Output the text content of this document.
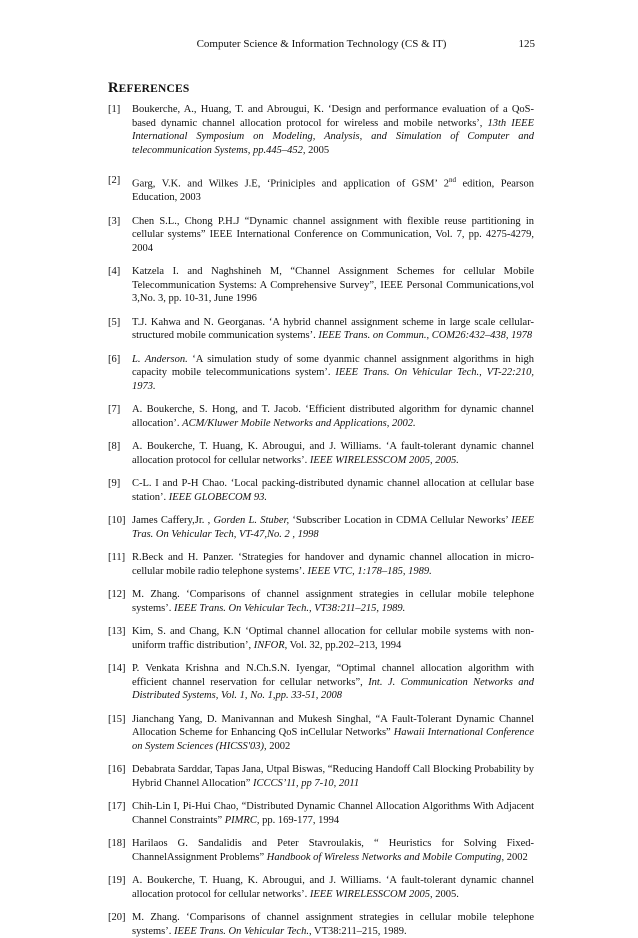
Computer Science & Information Technology (CS & IT)	125
REFERENCES
[1] Boukerche, A., Huang, T. and Abrougui, K. ‘Design and performance evaluation of a QoS-based dynamic channel allocation protocol for wireless and mobile networks’, 13th IEEE International Symposium on Modeling, Analysis, and Simulation of Computer and telecommunication Systems, pp.445–452, 2005
[2] Garg, V.K. and Wilkes J.E, ‘Priniciples and application of GSM’ 2nd edition, Pearson Education, 2003
[3] Chen S.L., Chong P.H.J “Dynamic channel assignment with flexible reuse partitioning in cellular systems” IEEE International Conference on Communication, Vol. 7, pp. 4275-4279, 2004
[4] Katzela I. and Naghshineh M, “Channel Assignment Schemes for cellular Mobile Telecommunication Systems: A Comprehensive Survey”, IEEE Personal Communications,vol 3,No. 3, pp. 10-31, June 1996
[5] T.J. Kahwa and N. Georganas. ‘A hybrid channel assignment scheme in large scale cellular-structured mobile communication systems’. IEEE Trans. on Commun., COM26:432–438, 1978
[6] L. Anderson. ‘A simulation study of some dyanmic channel assignment algorithms in high capacity mobile telecommunications system’. IEEE Trans. On Vehicular Tech., VT-22:210, 1973.
[7] A. Boukerche, S. Hong, and T. Jacob. ‘Efficient distributed algorithm for dynamic channel allocation’. ACM/Kluwer Mobile Networks and Applications, 2002.
[8] A. Boukerche, T. Huang, K. Abrougui, and J. Williams. ‘A fault-tolerant dynamic channel allocation protocol for cellular networks’. IEEE WIRELESSCOM 2005, 2005.
[9] C-L. I and P-H Chao. ‘Local packing-distributed dynamic channel allocation at cellular base station’. IEEE GLOBECOM 93.
[10] James Caffery,Jr. , Gorden L. Stuber, ‘Subscriber Location in CDMA Cellular Neworks’ IEEE Tras. On Vehicular Tech, VT-47,No. 2 , 1998
[11] R.Beck and H. Panzer. ‘Strategies for handover and dynamic channel allocation in micro-cellular mobile radio telephone systems’. IEEE VTC, 1:178–185, 1989.
[12] M. Zhang. ‘Comparisons of channel assignment strategies in cellular mobile telephone systems’. IEEE Trans. On Vehicular Tech., VT38:211–215, 1989.
[13] Kim, S. and Chang, K.N ‘Optimal channel allocation for cellular mobile systems with non-uniform traffic distribution’, INFOR, Vol. 32, pp.202–213, 1994
[14] P. Venkata Krishna and N.Ch.S.N. Iyengar, “Optimal channel allocation algorithm with efficient channel reservation for cellular networks”, Int. J. Communication Networks and Distributed Systems, Vol. 1, No. 1,pp. 33-51, 2008
[15] Jianchang Yang, D. Manivannan and Mukesh Singhal, “A Fault-Tolerant Dynamic Channel Allocation Scheme for Enhancing QoS inCellular Networks” Hawaii International Conference on System Sciences (HICSS'03), 2002
[16] Debabrata Sarddar, Tapas Jana, Utpal Biswas, “Reducing Handoff Call Blocking Probability by Hybrid Channel Allocation” ICCCS’11, pp 7-10, 2011
[17] Chih-Lin I, Pi-Hui Chao, “Distributed Dynamic Channel Allocation Algorithms With Adjacent Channel Constraints” PIMRC, pp. 169-177, 1994
[18] Harilaos G. Sandalidis and Peter Stavroulakis, “ Heuristics for Solving Fixed-ChannelAssignment Problems” Handbook of Wireless Networks and Mobile Computing, 2002
[19] A. Boukerche, T. Huang, K. Abrougui, and J. Williams. ‘A fault-tolerant dynamic channel allocation protocol for cellular networks’. IEEE WIRELESSCOM 2005, 2005.
[20] M. Zhang. ‘Comparisons of channel assignment strategies in cellular mobile telephone systems’. IEEE Trans. On Vehicular Tech., VT38:211–215, 1989.
